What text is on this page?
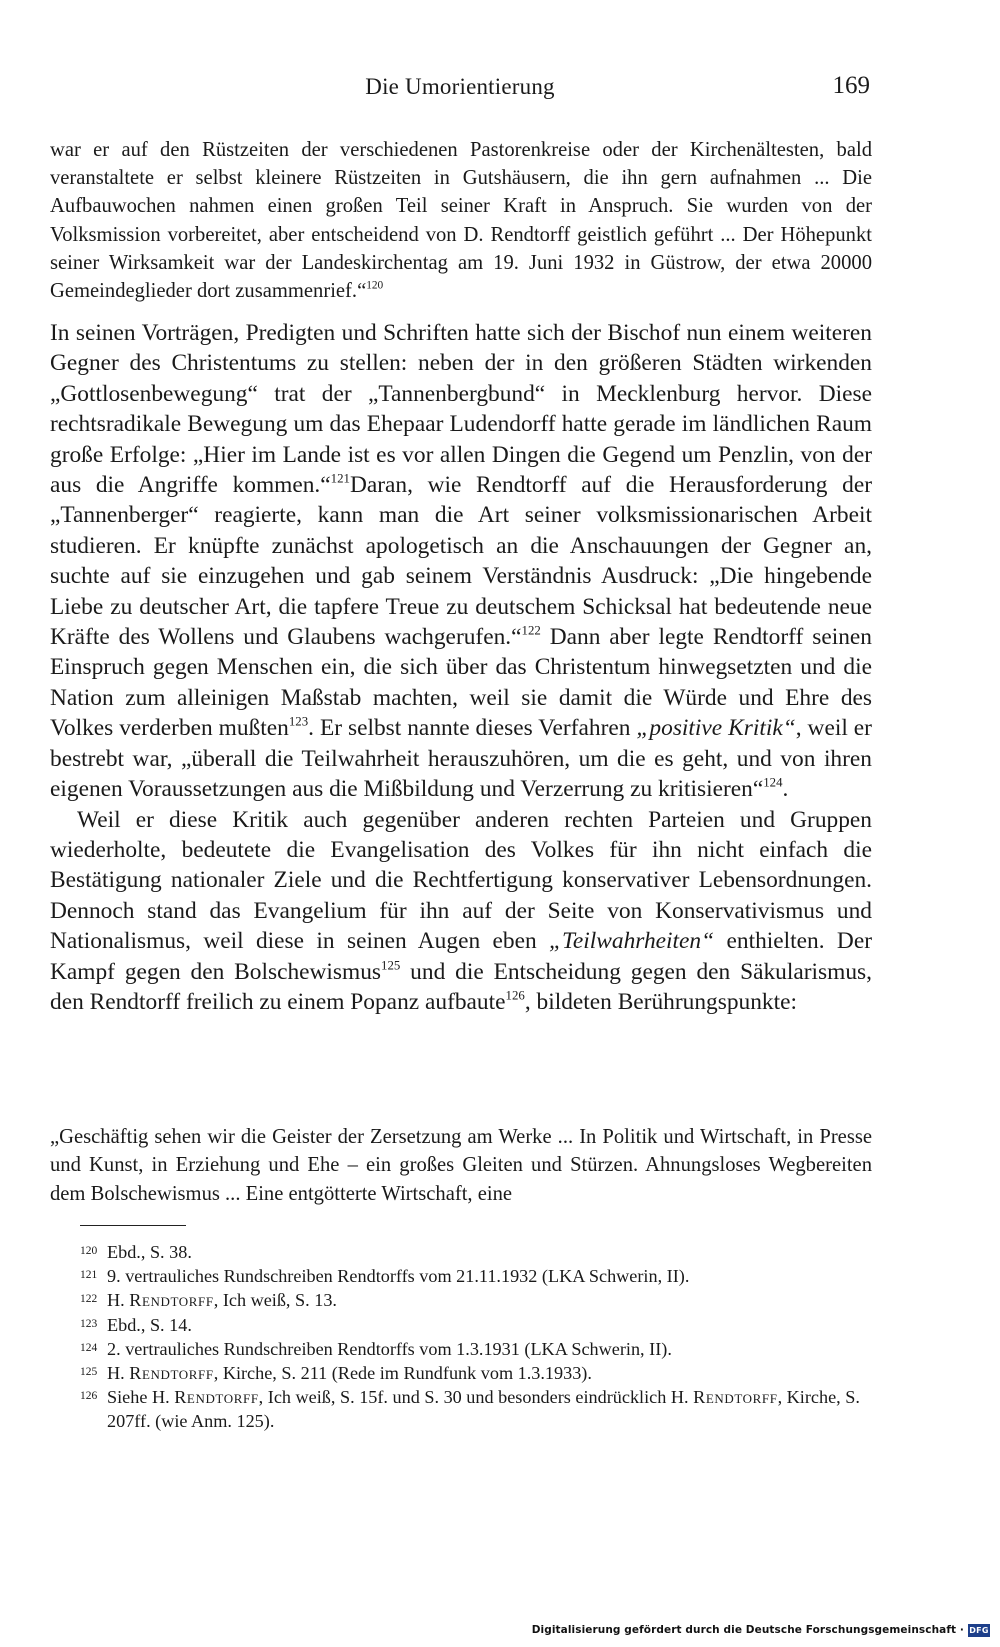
Die Umorientierung	169
war er auf den Rüstzeiten der verschiedenen Pastorenkreise oder der Kirchenältesten, bald veranstaltete er selbst kleinere Rüstzeiten in Gutshäusern, die ihn gern aufnahmen ... Die Aufbauwochen nahmen einen großen Teil seiner Kraft in Anspruch. Sie wurden von der Volksmission vorbereitet, aber entscheidend von D. Rendtorff geistlich geführt ... Der Höhepunkt seiner Wirksamkeit war der Landeskirchentag am 19. Juni 1932 in Güstrow, der etwa 20000 Gemeindeglieder dort zusammenrief.“$^{120}$

In seinen Vorträgen, Predigten und Schriften hatte sich der Bischof nun einem weiteren Gegner des Christentums zu stellen: neben der in den größeren Städten wirkenden „Gottlosenbewegung“ trat der „Tannenbergbund“ in Mecklenburg hervor. Diese rechtsradikale Bewegung um das Ehepaar Ludendorff hatte gerade im ländlichen Raum große Erfolge: „Hier im Lande ist es vor allen Dingen die Gegend um Penzlin, von der aus die Angriffe kommen.“$^{121}$Daran, wie Rendtorff auf die Herausforderung der „Tannenberger“ reagierte, kann man die Art seiner volksmissionarischen Arbeit studieren. Er knüpfte zunächst apologetisch an die Anschauungen der Gegner an, suchte auf sie einzugehen und gab seinem Verständnis Ausdruck: „Die hingebende Liebe zu deutscher Art, die tapfere Treue zu deutschem Schicksal hat bedeutende neue Kräfte des Wollens und Glaubens wachgerufen.“$^{122}$ Dann aber legte Rendtorff seinen Einspruch gegen Menschen ein, die sich über das Christentum hinwegsetzten und die Nation zum alleinigen Maßstab machten, weil sie damit die Würde und Ehre des Volkes verderben mußten$^{123}$. Er selbst nannte dieses Verfahren „positive Kritik“, weil er bestrebt war, „überall die Teilwahrheit herauszuhören, um die es geht, und von ihren eigenen Voraussetzungen aus die Mißbildung und Verzerrung zu kritisieren“$^{124}$.

Weil er diese Kritik auch gegenüber anderen rechten Parteien und Gruppen wiederholte, bedeutete die Evangelisation des Volkes für ihn nicht einfach die Bestätigung nationaler Ziele und die Rechtfertigung konservativer Lebensordnungen. Dennoch stand das Evangelium für ihn auf der Seite von Konservativismus und Nationalismus, weil diese in seinen Augen eben „Teilwahrheiten“ enthielten. Der Kampf gegen den Bolschewismus$^{125}$ und die Entscheidung gegen den Säkularismus, den Rendtorff freilich zu einem Popanz aufbaute$^{126}$, bildeten Berührungspunkte:

„Geschäftig sehen wir die Geister der Zersetzung am Werke ... In Politik und Wirtschaft, in Presse und Kunst, in Erziehung und Ehe – ein großes Gleiten und Stürzen. Ahnungsloses Wegbereiten dem Bolschewismus ... Eine entgötterte Wirtschaft, eine
120 Ebd., S. 38.
121 9. vertrauliches Rundschreiben Rendtorffs vom 21.11.1932 (LKA Schwerin, II).
122 H. Rendtorff, Ich weiß, S. 13.
123 Ebd., S. 14.
124 2. vertrauliches Rundschreiben Rendtorffs vom 1.3.1931 (LKA Schwerin, II).
125 H. Rendtorff, Kirche, S. 211 (Rede im Rundfunk vom 1.3.1933).
126 Siehe H. Rendtorff, Ich weiß, S. 15f. und S. 30 und besonders eindrücklich H. Rendtorff, Kirche, S. 207ff. (wie Anm. 125).
Digitalisierung gefördert durch die Deutsche Forschungsgemeinschaft · DFG
